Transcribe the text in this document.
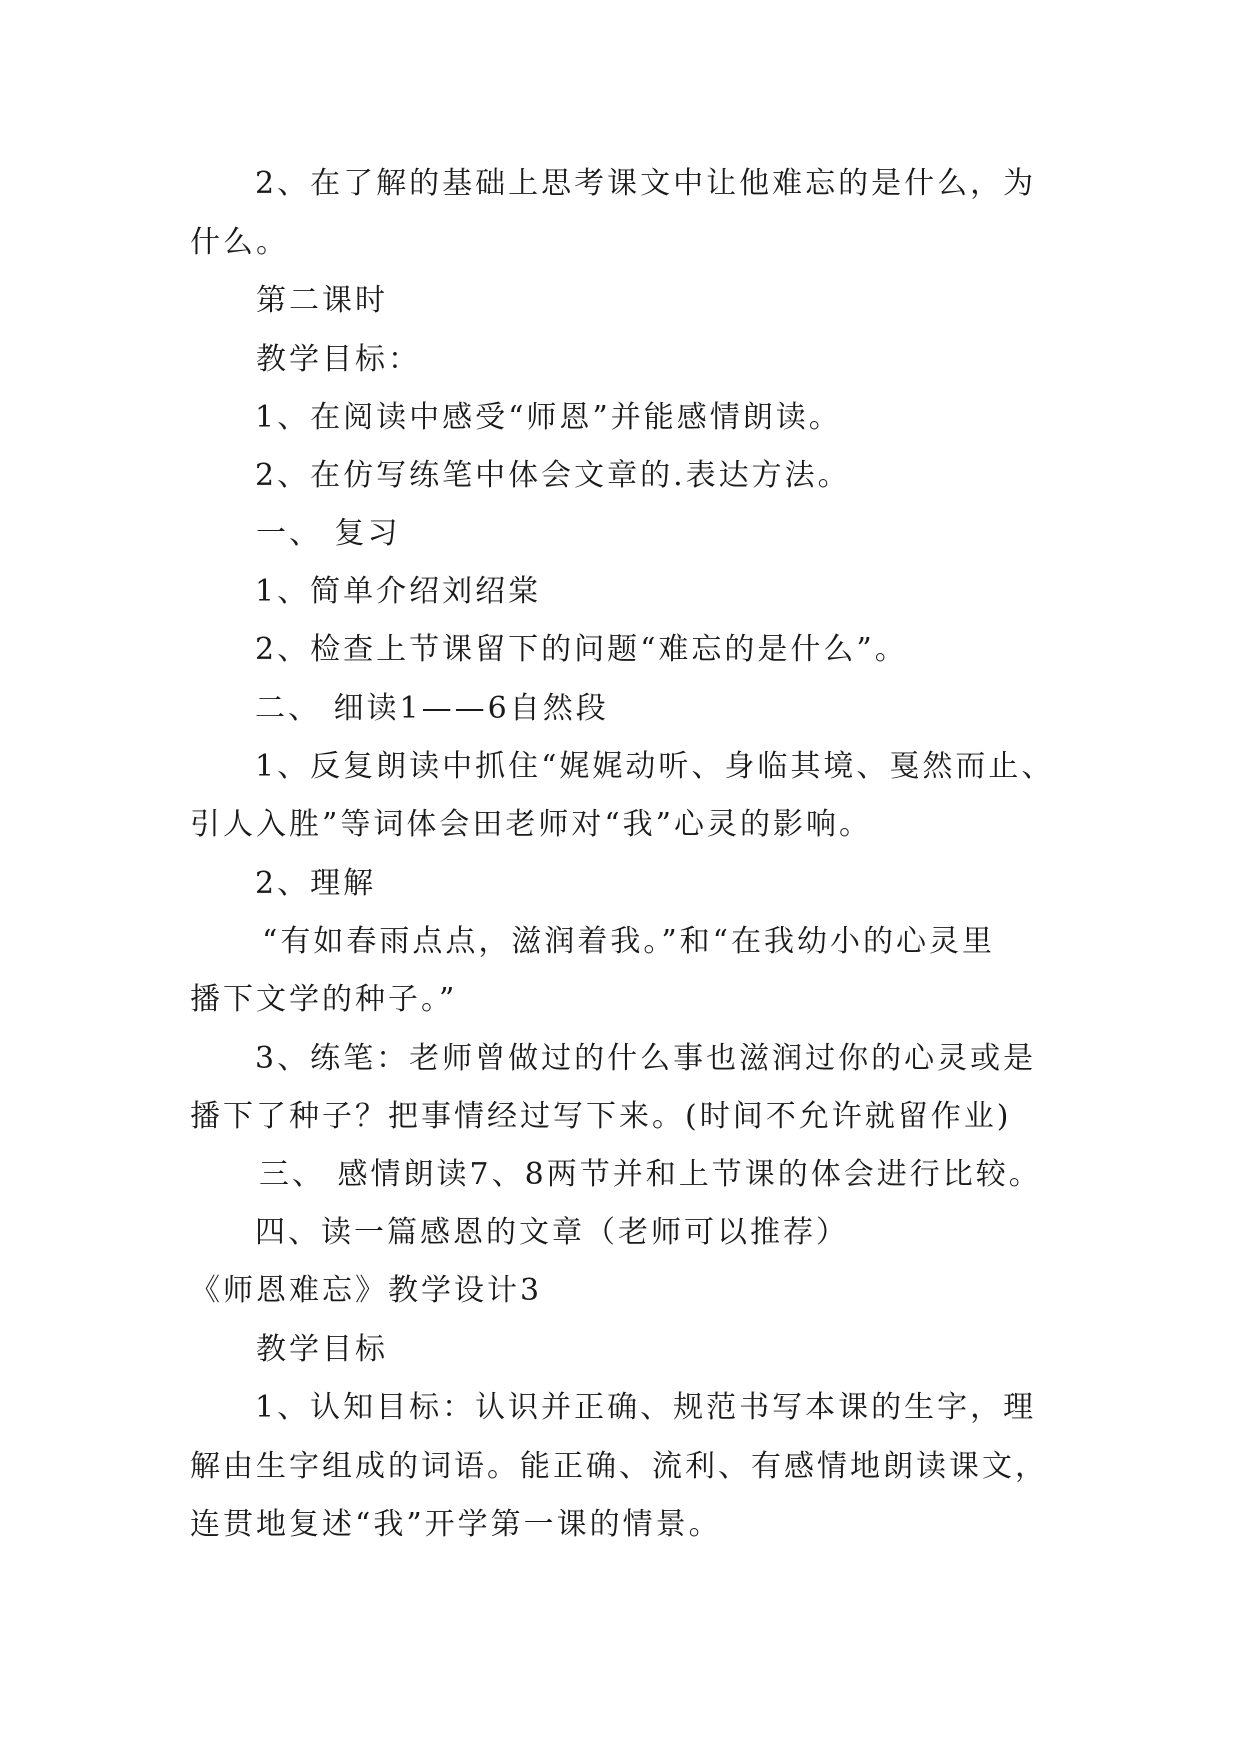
2、在了解的基础上思考课文中让他难忘的是什么，为

什么。

第二课时

教学目标：

1、在阅读中感受“师恩”并能感情朗读。

2、在仿写练笔中体会文章的.表达方法。

一、 复习

1、简单介绍刘绍棠

2、检查上节课留下的问题“难忘的是什么”。

二、 细读1——6自然段

1、反复朗读中抓住“娓娓动听、身临其境、戛然而止、

引人入胜”等词体会田老师对“我”心灵的影响。

2、理解

“有如春雨点点，滋润着我。”和“在我幼小的心灵里

播下文学的种子。”

3、练笔：老师曾做过的什么事也滋润过你的心灵或是

播下了种子？把事情经过写下来。(时间不允许就留作业)

三、 感情朗读7、8两节并和上节课的体会进行比较。

四、读一篇感恩的文章（老师可以推荐）

《师恩难忘》教学设计3

教学目标

1、认知目标：认识并正确、规范书写本课的生字，理

解由生字组成的词语。能正确、流利、有感情地朗读课文，

连贯地复述“我”开学第一课的情景。
